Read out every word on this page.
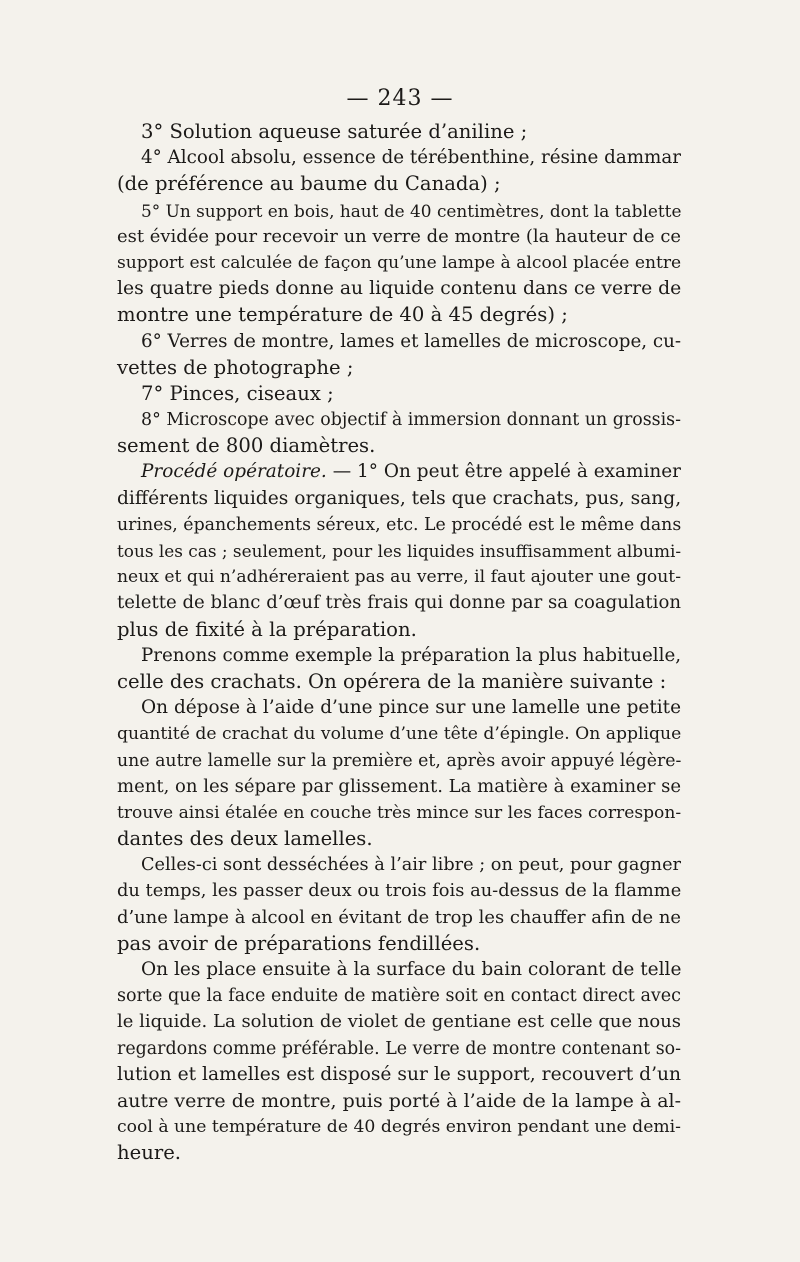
— 243 —
3° Solution aqueuse saturée d’aniline ;
4° Alcool absolu, essence de térébenthine, résine dammar
(de préférence au baume du Canada) ;
5° Un support en bois, haut de 40 centimètres, dont la tablette
est évidée pour recevoir un verre de montre (la hauteur de ce
support est calculée de façon qu’une lampe à alcool placée entre
les quatre pieds donne au liquide contenu dans ce verre de
montre une température de 40 à 45 degrés) ;
6° Verres de montre, lames et lamelles de microscope, cu-
vettes de photographe ;
7° Pinces, ciseaux ;
8° Microscope avec objectif à immersion donnant un grossis-
sement de 800 diamètres.
Procédé opératoire. — 1° On peut être appelé à examiner
différents liquides organiques, tels que crachats, pus, sang,
urines, épanchements séreux, etc. Le procédé est le même dans
tous les cas ; seulement, pour les liquides insuffisamment albumi-
neux et qui n’adhéreraient pas au verre, il faut ajouter une gout-
telette de blanc d’œuf très frais qui donne par sa coagulation
plus de fixité à la préparation.
Prenons comme exemple la préparation la plus habituelle,
celle des crachats. On opérera de la manière suivante :
On dépose à l’aide d’une pince sur une lamelle une petite
quantité de crachat du volume d’une tête d’épingle. On applique
une autre lamelle sur la première et, après avoir appuyé légère-
ment, on les sépare par glissement. La matière à examiner se
trouve ainsi étalée en couche très mince sur les faces correspon-
dantes des deux lamelles.
Celles-ci sont desséchées à l’air libre ; on peut, pour gagner
du temps, les passer deux ou trois fois au-dessus de la flamme
d’une lampe à alcool en évitant de trop les chauffer afin de ne
pas avoir de préparations fendillées.
On les place ensuite à la surface du bain colorant de telle
sorte que la face enduite de matière soit en contact direct avec
le liquide. La solution de violet de gentiane est celle que nous
regardons comme préférable. Le verre de montre contenant so-
lution et lamelles est disposé sur le support, recouvert d’un
autre verre de montre, puis porté à l’aide de la lampe à al-
cool à une température de 40 degrés environ pendant une demi-
heure.
